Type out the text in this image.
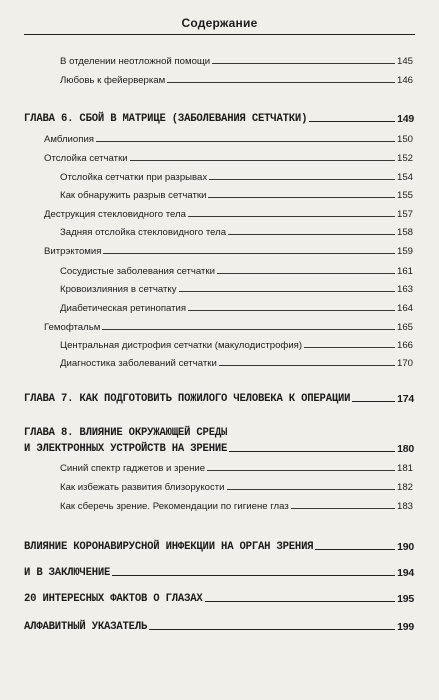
Содержание
В отделении неотложной помощи	145
Любовь к фейерверкам	146
ГЛАВА 6. СБОЙ В МАТРИЦЕ (ЗАБОЛЕВАНИЯ СЕТЧАТКИ)	149
Амблиопия	150
Отслойка сетчатки	152
Отслойка сетчатки при разрывах	154
Как обнаружить разрыв сетчатки	155
Деструкция стекловидного тела	157
Задняя отслойка стекловидного тела	158
Витрэктомия	159
Сосудистые заболевания сетчатки	161
Кровоизлияния в сетчатку	163
Диабетическая ретинопатия	164
Гемофтальм	165
Центральная дистрофия сетчатки (макулодистрофия)	166
Диагностика заболеваний сетчатки	170
ГЛАВА 7. КАК ПОДГОТОВИТЬ ПОЖИЛОГО ЧЕЛОВЕКА К ОПЕРАЦИИ	174
ГЛАВА 8. ВЛИЯНИЕ ОКРУЖАЮЩЕЙ СРЕДЫ
И ЭЛЕКТРОННЫХ УСТРОЙСТВ НА ЗРЕНИЕ	180
Синий спектр гаджетов и зрение	181
Как избежать развития близорукости	182
Как сберечь зрение. Рекомендации по гигиене глаз	183
ВЛИЯНИЕ КОРОНАВИРУСНОЙ ИНФЕКЦИИ НА ОРГАН ЗРЕНИЯ	190
И В ЗАКЛЮЧЕНИЕ	194
20 ИНТЕРЕСНЫХ ФАКТОВ О ГЛАЗАХ	195
АЛФАВИТНЫЙ УКАЗАТЕЛЬ	199
